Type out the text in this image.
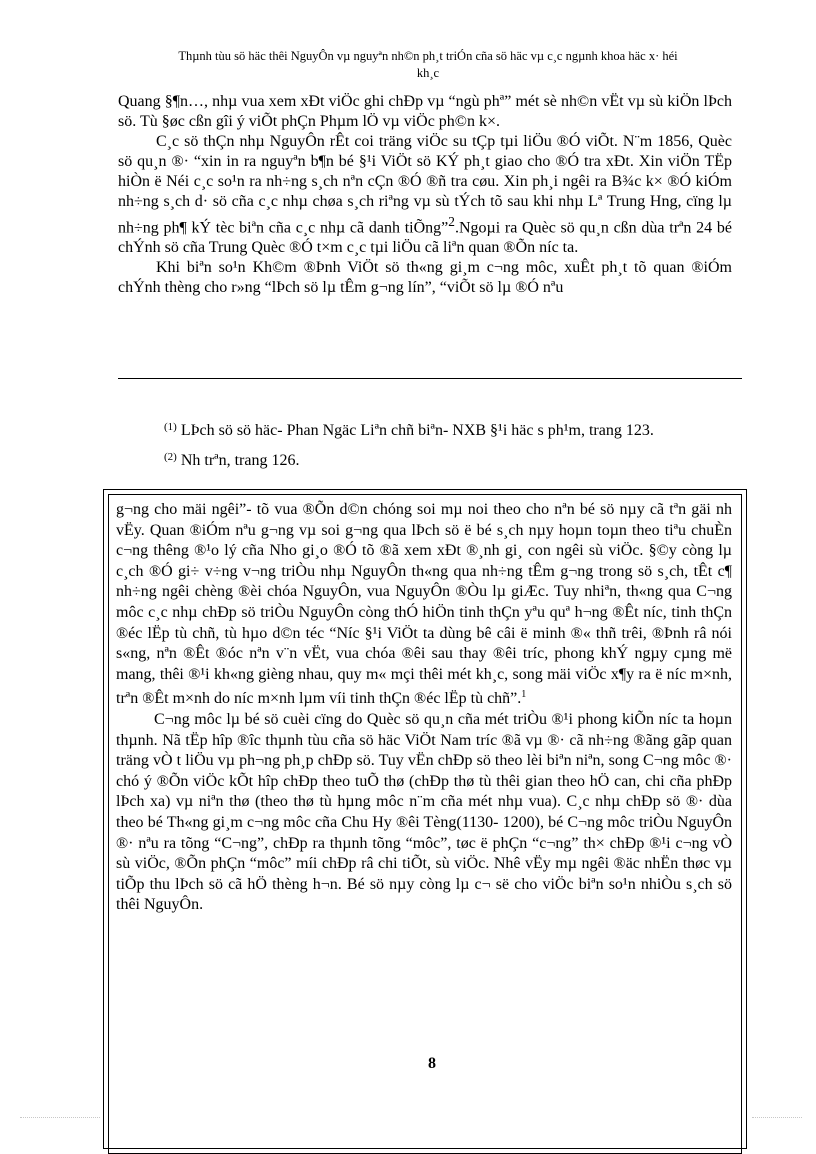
Thµnh tùu sö häc thêi NguyÔn vµ nguyªn nh©n ph¸t triÓn cña sö häc vµ c¸c ngµnh khoa häc x· héi
kh¸c

Quang §¶n…, nhµ vua xem xÐt viÖc ghi chÐp vµ “ngù phª” mét sè nh©n vËt vµ sù kiÖn lÞch sö. Tù §øc cßn gîi ý viÕt phÇn Phµm lÖ vµ viÖc ph©n k×.

C¸c sö thÇn nhµ NguyÔn rÊt coi träng viÖc su tÇp tµi liÖu ®Ó viÕt. N¨m 1856, Quèc sö qu¸n ®· “xin in ra nguyªn b¶n bé §¹i ViÖt sö KÝ ph¸t giao cho ®Ó tra xÐt. Xin viÖn TËp hiÒn ë Néi c¸c so¹n ra nh÷ng s¸ch nªn cÇn ®Ó ®ñ tra cøu. Xin ph¸i ngêi ra B¾c k× ®Ó kiÓm nh÷ng s¸ch d· sö cña c¸c nhµ chøa s¸ch riªng vµ sù tÝch tõ sau khi nhµ Lª Trung Hng, cïng lµ nh÷ng ph¶ kÝ tèc biªn cña c¸c nhµ cã danh tiÕng”$^2$.Ngoµi ra Quèc sö qu¸n cßn dùa trªn 24 bé chÝnh sö cña Trung Quèc ®Ó t×m c¸c tµi liÖu cã liªn quan ®Õn níc ta.

Khi biªn so¹n Kh©m ®Þnh ViÖt sö th«ng gi¸m c¬ng môc, xuÊt ph¸t tõ quan ®iÓm chÝnh thèng cho r»ng “lÞch sö lµ tÊm g¬ng lín”, “viÕt sö lµ ®Ó nªu

$^{(1)}$ LÞch sö sö häc- Phan Ngäc Liªn chñ biªn- NXB §¹i häc s ph¹m, trang 123.

$^{(2)}$ Nh trªn, trang 126.

g¬ng cho mäi ngêi”- tõ vua ®Õn d©n chóng soi mµ noi theo cho nªn bé sö nµy cã tªn gäi nh vËy. Quan ®iÓm nªu g¬ng vµ soi g¬ng qua lÞch sö ë bé s¸ch nµy hoµn toµn theo tiªu chuÈn c¬ng thêng ®¹o lý cña Nho gi¸o ®Ó tõ ®ã xem xÐt ®¸nh gi¸ con ngêi sù viÖc. §©y còng lµ c¸ch ®Ó gi÷ v÷ng v¬ng triÒu nhµ NguyÔn th«ng qua nh÷ng tÊm g¬ng trong sö s¸ch, tÊt c¶ nh÷ng ngêi chèng ®èi chóa NguyÔn, vua NguyÔn ®Òu lµ giÆc. Tuy nhiªn, th«ng qua C¬ng môc c¸c nhµ chÐp sö triÒu NguyÔn còng thÓ hiÖn tinh thÇn yªu quª h¬ng ®Êt níc, tinh thÇn ®éc lËp tù chñ, tù hµo d©n téc “Níc §¹i ViÖt ta dùng bê câi ë minh ®« thñ trêi, ®Þnh râ nói s«ng, nªn ®Êt ®óc nªn v¨n vËt, vua chóa ®êi sau thay ®êi tríc, phong khÝ ngµy cµng më mang, thêi ®¹i kh«ng gièng nhau, quy m« mçi thêi mét kh¸c, song mäi viÖc x¶y ra ë níc m×nh, trªn ®Êt m×nh do níc m×nh lµm víi tinh thÇn ®éc lËp tù chñ”.$^1$

C¬ng môc lµ bé sö cuèi cïng do Quèc sö qu¸n cña mét triÒu ®¹i phong kiÕn níc ta hoµn thµnh. Nã tËp hîp ®îc thµnh tùu cña sö häc ViÖt Nam tríc ®ã vµ ®· cã nh÷ng ®ãng gãp quan träng vÒ t liÖu vµ ph¬ng ph¸p chÐp sö. Tuy vËn chÐp sö theo lèi biªn niªn, song C¬ng môc ®· chó ý ®Õn viÖc kÕt hîp chÐp theo tuÕ thø (chÐp thø tù thêi gian theo hÖ can, chi cña phÐp lÞch xa) vµ niªn thø (theo thø tù hµng môc n¨m cña mét nhµ vua). C¸c nhµ chÐp sö ®· dùa theo bé Th«ng gi¸m c¬ng môc cña Chu Hy ®êi Tèng(1130- 1200), bé C¬ng môc triÒu NguyÔn ®· nªu ra tõng “C¬ng”, chÐp ra thµnh tõng “môc”, tøc ë phÇn “c¬ng” th× chÐp ®¹i c¬ng vÒ sù viÖc, ®Õn phÇn “môc” míi chÐp râ chi tiÕt, sù viÖc. Nhê vËy mµ ngêi ®äc nhËn thøc vµ tiÕp thu lÞch sö cã hÖ thèng h¬n. Bé sö nµy còng lµ c¬ së cho viÖc biªn so¹n nhiÒu s¸ch sö thêi NguyÔn.

8
